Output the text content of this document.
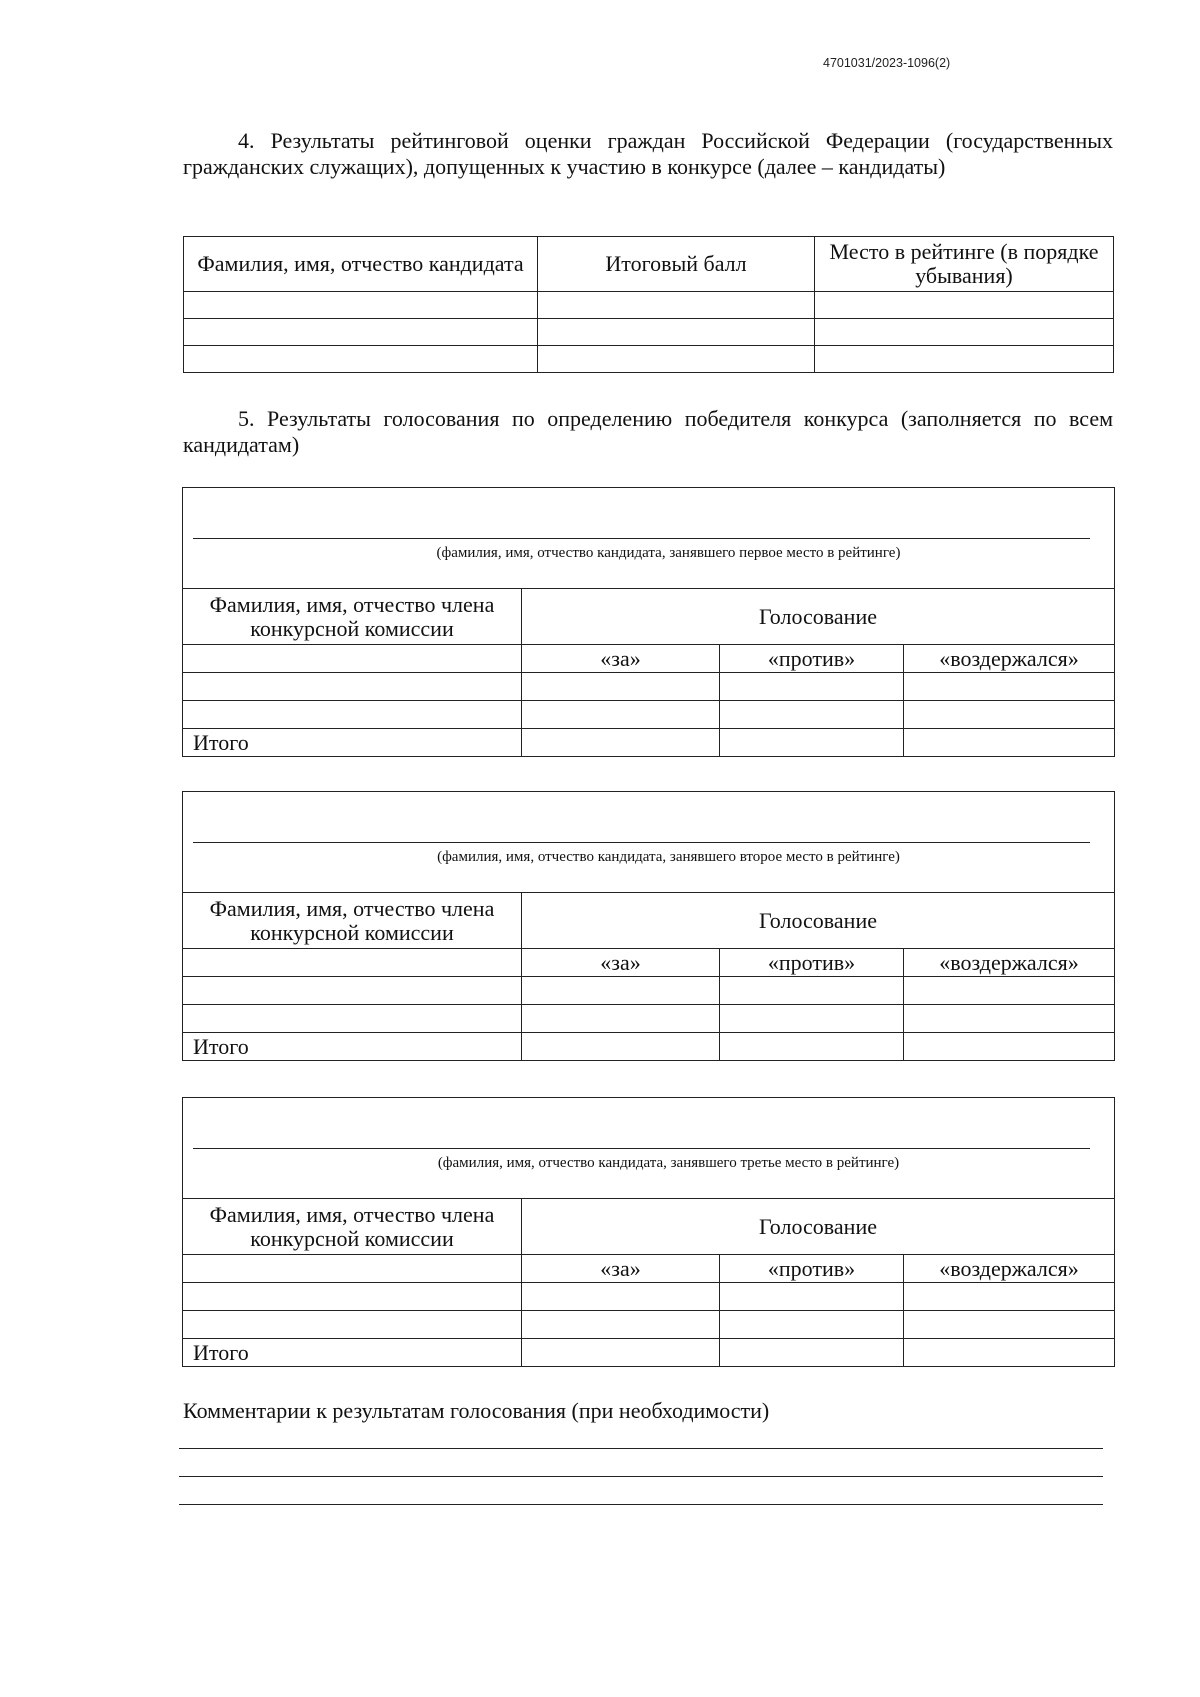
4701031/2023-1096(2)
4. Результаты рейтинговой оценки граждан Российской Федерации (государственных гражданских служащих), допущенных к участию в конкурсе (далее – кандидаты)
Фамилия, имя, отчество кандидата	Итоговый балл	Место в рейтинге (в порядке убывания)

5. Результаты голосования по определению победителя конкурса (заполняется по всем кандидатам)
(фамилия, имя, отчество кандидата, занявшего первое место в рейтинге)			

Фамилия, имя, отчество члена конкурсной комиссии	Голосование		
	«за»	«против»	«воздержался»

Итого			
(фамилия, имя, отчество кандидата, занявшего второе место в рейтинге)			

Фамилия, имя, отчество члена конкурсной комиссии	Голосование		
	«за»	«против»	«воздержался»

Итого			
(фамилия, имя, отчество кандидата, занявшего третье место в рейтинге)			

Фамилия, имя, отчество члена конкурсной комиссии	Голосование		
	«за»	«против»	«воздержался»

Итого			
Комментарии к результатам голосования (при необходимости)
